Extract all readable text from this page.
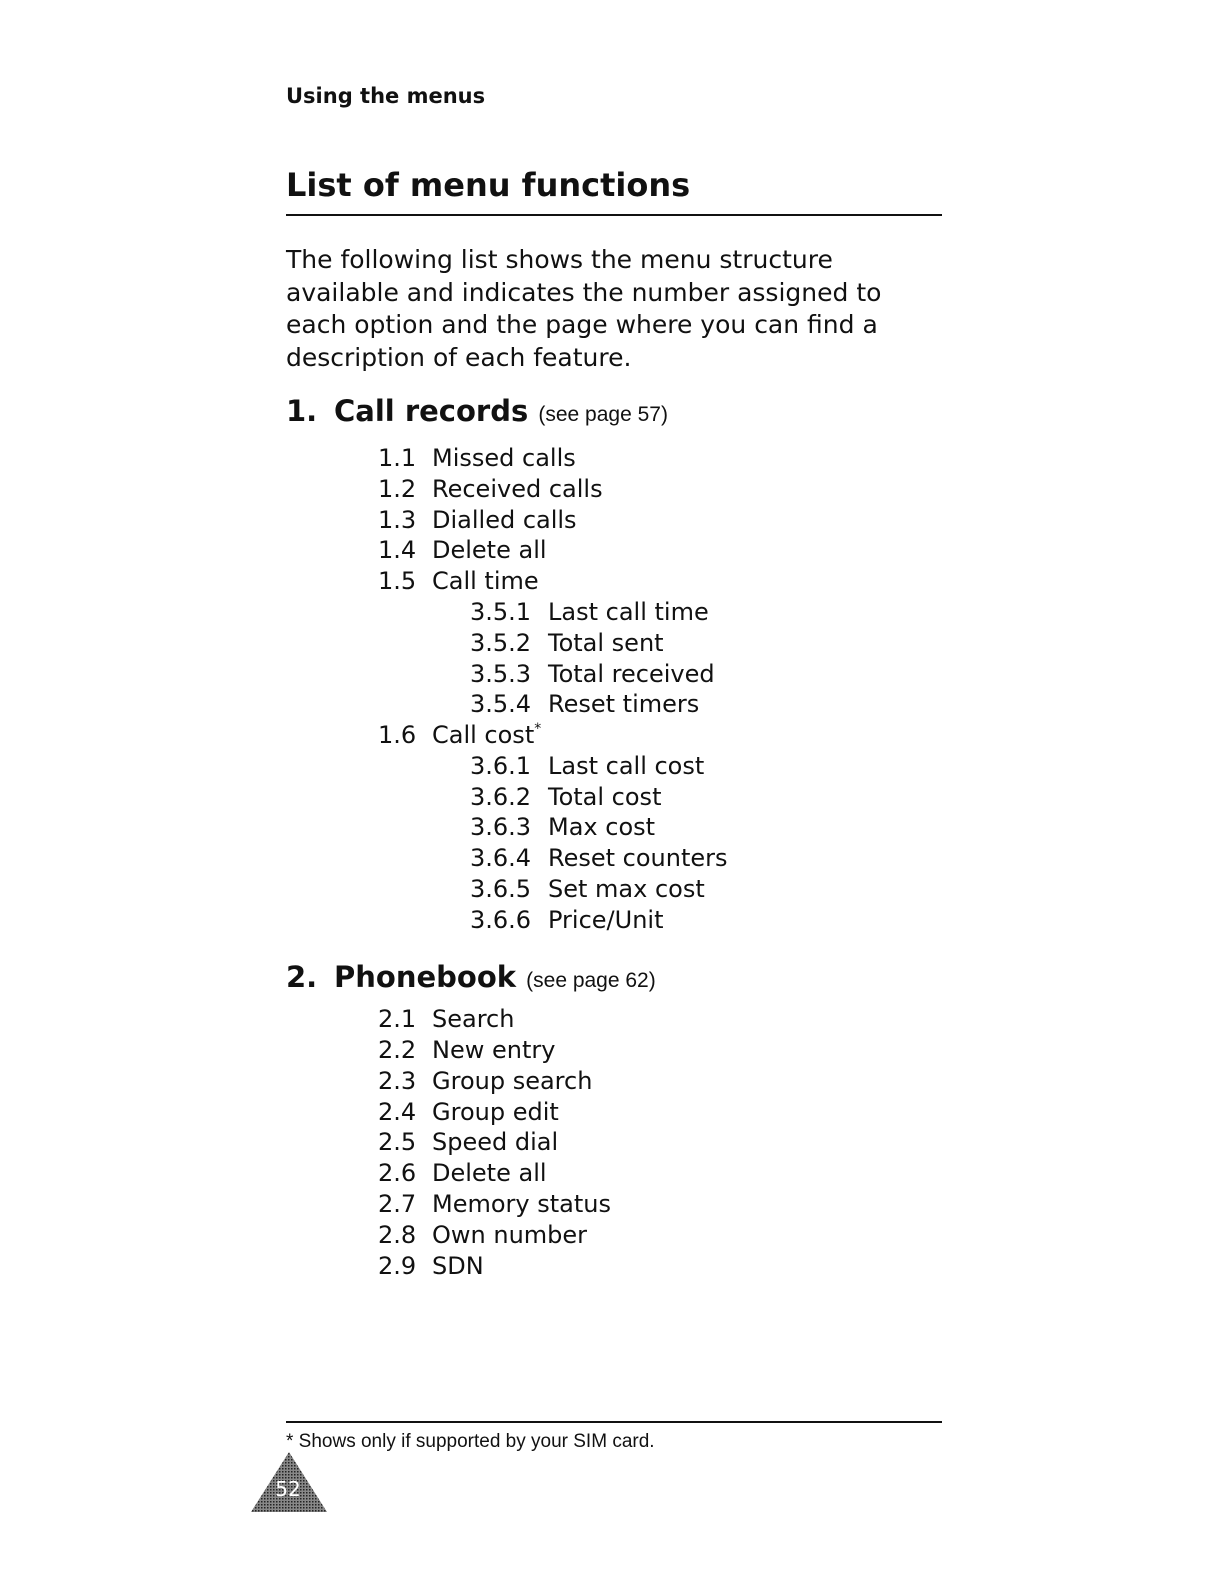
Using the menus
List of menu functions

The following list shows the menu structure available and indicates the number assigned to each option and the page where you can find a description of each feature.

1. Call records (see page 57)
1.1 Missed calls
1.2 Received calls
1.3 Dialled calls
1.4 Delete all
1.5 Call time
3.5.1 Last call time
3.5.2 Total sent
3.5.3 Total received
3.5.4 Reset timers
1.6 Call cost*
3.6.1 Last call cost
3.6.2 Total cost
3.6.3 Max cost
3.6.4 Reset counters
3.6.5 Set max cost
3.6.6 Price/Unit
2. Phonebook (see page 62)
2.1 Search
2.2 New entry
2.3 Group search
2.4 Group edit
2.5 Speed dial
2.6 Delete all
2.7 Memory status
2.8 Own number
2.9 SDN
* Shows only if supported by your SIM card.
52
